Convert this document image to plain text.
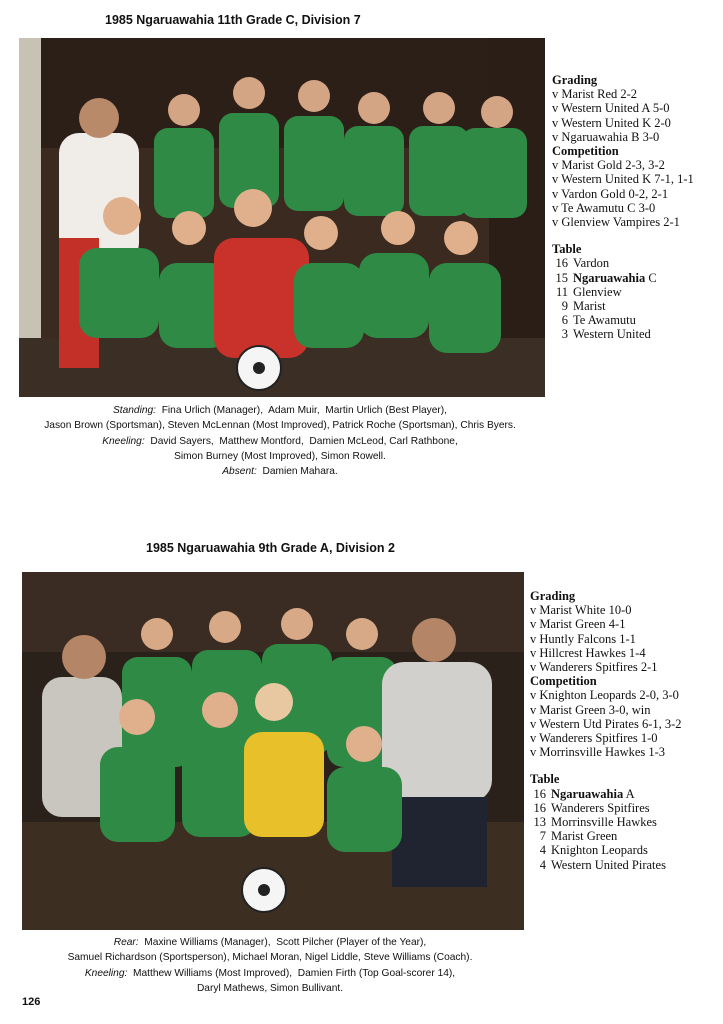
1985 Ngaruawahia 11th Grade C, Division 7
Grading
v Marist Red 2-2
v Western United A 5-0
v Western United K 2-0
v Ngaruawahia B 3-0
Competition
v Marist Gold 2-3, 3-2
v Western United K 7-1, 1-1
v Vardon Gold 0-2, 2-1
v Te Awamutu C 3-0
v Glenview Vampires 2-1
Table
16 Vardon
15 Ngaruawahia C
11 Glenview
9 Marist
6 Te Awamutu
3 Western United
Standing:  Fina Urlich (Manager),  Adam Muir,  Martin Urlich (Best Player),
Jason Brown (Sportsman), Steven McLennan (Most Improved), Patrick Roche (Sportsman), Chris Byers.
Kneeling:  David Sayers,  Matthew Montford,  Damien McLeod, Carl Rathbone,
Simon Burney (Most Improved), Simon Rowell.
Absent:  Damien Mahara.
1985 Ngaruawahia 9th Grade A, Division 2
Grading
v Marist White 10-0
v Marist Green 4-1
v Huntly Falcons 1-1
v Hillcrest Hawkes 1-4
v Wanderers Spitfires 2-1
Competition
v Knighton Leopards 2-0, 3-0
v Marist Green 3-0, win
v Western Utd Pirates 6-1, 3-2
v Wanderers Spitfires 1-0
v Morrinsville Hawkes 1-3
Table
16 Ngaruawahia A
16 Wanderers Spitfires
13 Morrinsville Hawkes
7 Marist Green
4 Knighton Leopards
4 Western United Pirates
Rear:  Maxine Williams (Manager),  Scott Pilcher (Player of the Year),
Samuel Richardson (Sportsperson), Michael Moran, Nigel Liddle, Steve Williams (Coach).
Kneeling:  Matthew Williams (Most Improved),  Damien Firth (Top Goal-scorer 14),
Daryl Mathews, Simon Bullivant.
126
